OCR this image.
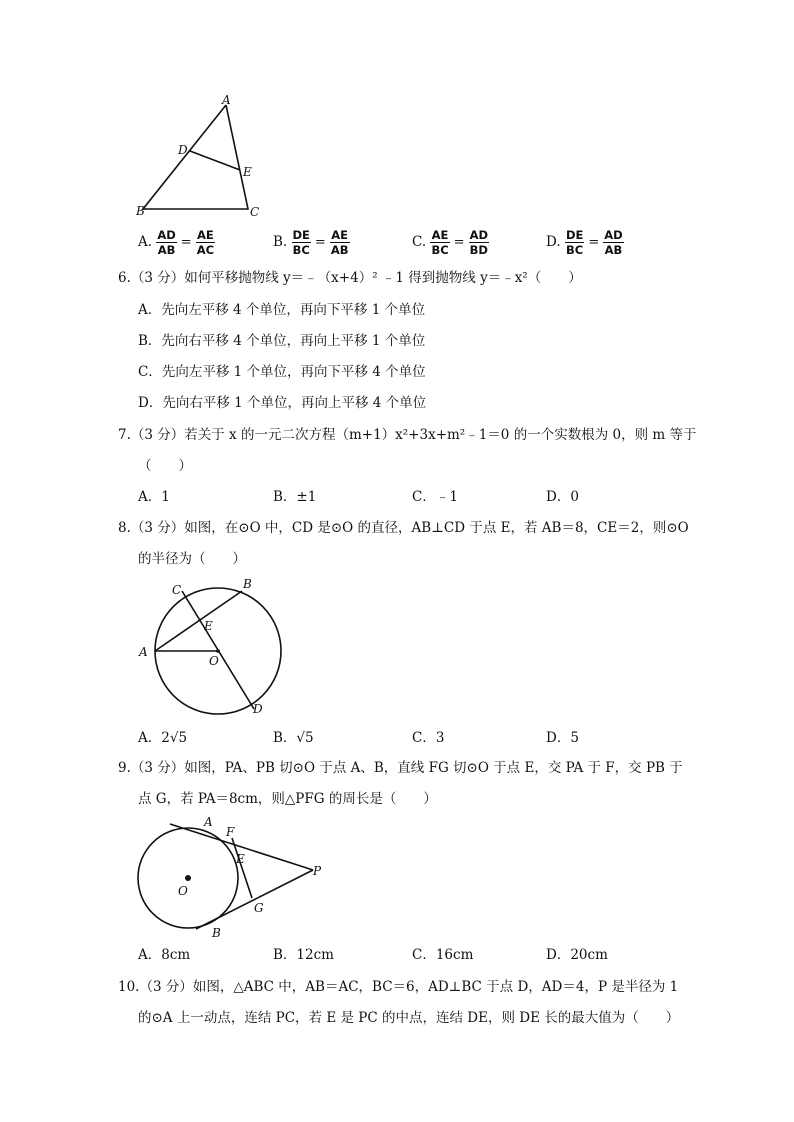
A
D
E
B	C
A. $\frac{AD}{AB} = \frac{AE}{AC}$	B. $\frac{DE}{BC} = \frac{AE}{AB}$	C. $\frac{AE}{BC} = \frac{AD}{BD}$	D. $\frac{DE}{BC} = \frac{AD}{AB}$
6.（3 分）如何平移抛物线 y＝﹣（x+4）² ﹣1 得到抛物线 y＝﹣x²（　　）
A．先向左平移 4 个单位，再向下平移 1 个单位
B．先向右平移 4 个单位，再向上平移 1 个单位
C．先向左平移 1 个单位，再向下平移 4 个单位
D．先向右平移 1 个单位，再向上平移 4 个单位
7.（3 分）若关于 x 的一元二次方程（m+1）x²+3x+m²﹣1＝0 的一个实数根为 0，则 m 等于
（　　）
A．1	B．±1	C．﹣1	D．0
8.（3 分）如图，在⊙O 中，CD 是⊙O 的直径，AB⊥CD 于点 E，若 AB＝8，CE＝2，则⊙O
的半径为（　　）
C	B
E
A
O
D
A．2√5	B．√5	C．3	D．5
9.（3 分）如图，PA、PB 切⊙O 于点 A、B，直线 FG 切⊙O 于点 E，交 PA 于 F，交 PB 于
点 G，若 PA＝8cm，则△PFG 的周长是（　　）
A
F
E
P
O
G
B
A．8cm	B．12cm	C．16cm	D．20cm
10.（3 分）如图，△ABC 中，AB＝AC，BC＝6，AD⊥BC 于点 D，AD＝4，P 是半径为 1
的⊙A 上一动点，连结 PC，若 E 是 PC 的中点，连结 DE，则 DE 长的最大值为（　　）
